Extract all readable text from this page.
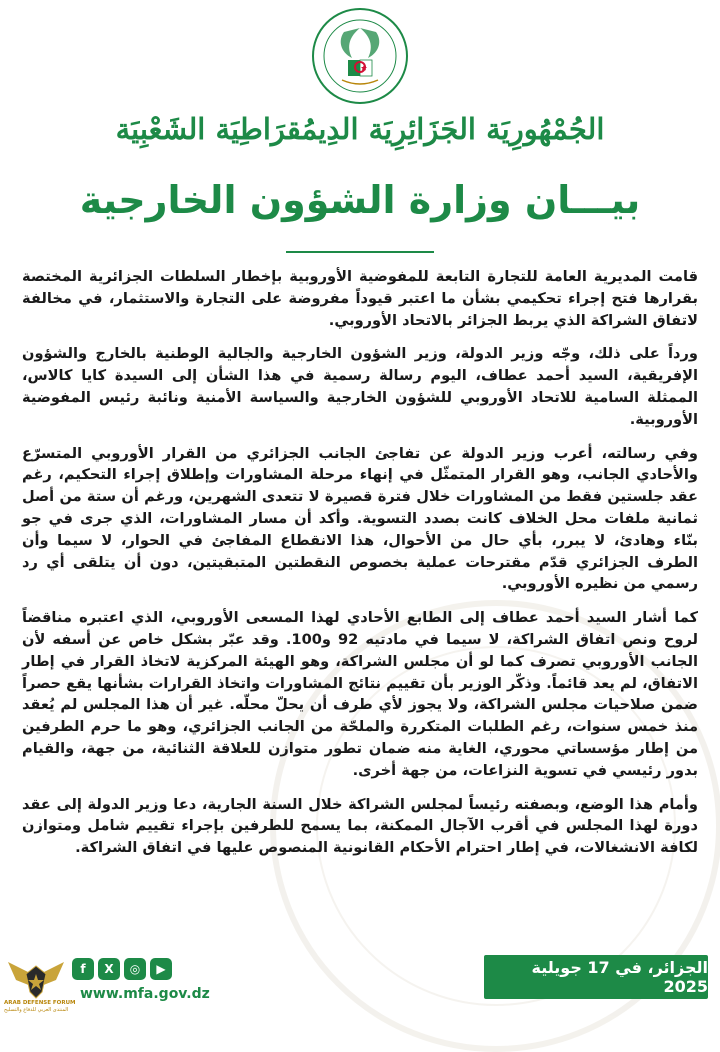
الجُمْهُورِيَة الجَزَائِرِيَة الدِيمُقرَاطِيَة الشَعْبِيَة
بيـــان وزارة الشؤون الخارجية

قامت المديرية العامة للتجارة التابعة للمفوضية الأوروبية بإخطار السلطات الجزائرية المختصة بقرارها فتح إجراء تحكيمي بشأن ما اعتبر قيوداً مفروضة على التجارة والاستثمار، في مخالفة لاتفاق الشراكة الذي يربط الجزائر بالاتحاد الأوروبي.

ورداً على ذلك، وجّه وزير الدولة، وزير الشؤون الخارجية والجالية الوطنية بالخارج والشؤون الإفريقية، السيد أحمد عطاف، اليوم رسالة رسمية في هذا الشأن إلى السيدة كايا كالاس، الممثلة السامية للاتحاد الأوروبي للشؤون الخارجية والسياسة الأمنية ونائبة رئيس المفوضية الأوروبية.

وفي رسالته، أعرب وزير الدولة عن تفاجئ الجانب الجزائري من القرار الأوروبي المتسرّع والأحادي الجانب، وهو القرار المتمثّل في إنهاء مرحلة المشاورات وإطلاق إجراء التحكيم، رغم عقد جلستين فقط من المشاورات خلال فترة قصيرة لا تتعدى الشهرين، ورغم أن ستة من أصل ثمانية ملفات محل الخلاف كانت بصدد التسوية. وأكد أن مسار المشاورات، الذي جرى في جو بنّاء وهادئ، لا يبرر، بأي حال من الأحوال، هذا الانقطاع المفاجئ في الحوار، لا سيما وأن الطرف الجزائري قدّم مقترحات عملية بخصوص النقطتين المتبقيتين، دون أن يتلقى أي رد رسمي من نظيره الأوروبي.

كما أشار السيد أحمد عطاف إلى الطابع الأحادي لهذا المسعى الأوروبي، الذي اعتبره مناقضاً لروح ونص اتفاق الشراكة، لا سيما في مادتيه 92 و100. وقد عبّر بشكل خاص عن أسفه لأن الجانب الأوروبي تصرف كما لو أن مجلس الشراكة، وهو الهيئة المركزية لاتخاذ القرار في إطار الاتفاق، لم يعد قائماً. وذكّر الوزير بأن تقييم نتائج المشاورات واتخاذ القرارات بشأنها يقع حصراً ضمن صلاحيات مجلس الشراكة، ولا يجوز لأي طرف أن يحلّ محلّه. غير أن هذا المجلس لم يُعقد منذ خمس سنوات، رغم الطلبات المتكررة والملحّة من الجانب الجزائري، وهو ما حرم الطرفين من إطار مؤسساتي محوري، الغاية منه ضمان تطور متوازن للعلاقة الثنائية، من جهة، والقيام بدور رئيسي في تسوية النزاعات، من جهة أخرى.

وأمام هذا الوضع، وبصفته رئيساً لمجلس الشراكة خلال السنة الجارية، دعا وزير الدولة إلى عقد دورة لهذا المجلس في أقرب الآجال الممكنة، بما يسمح للطرفين بإجراء تقييم شامل ومتوازن لكافة الانشغالات، في إطار احترام الأحكام القانونية المنصوص عليها في اتفاق الشراكة.

ARAB DEFENSE FORUM
المنتدى العربي للدفاع والتسليح
f	X	◎	▶
www.mfa.gov.dz
الجزائر، في 17 جويلية 2025
